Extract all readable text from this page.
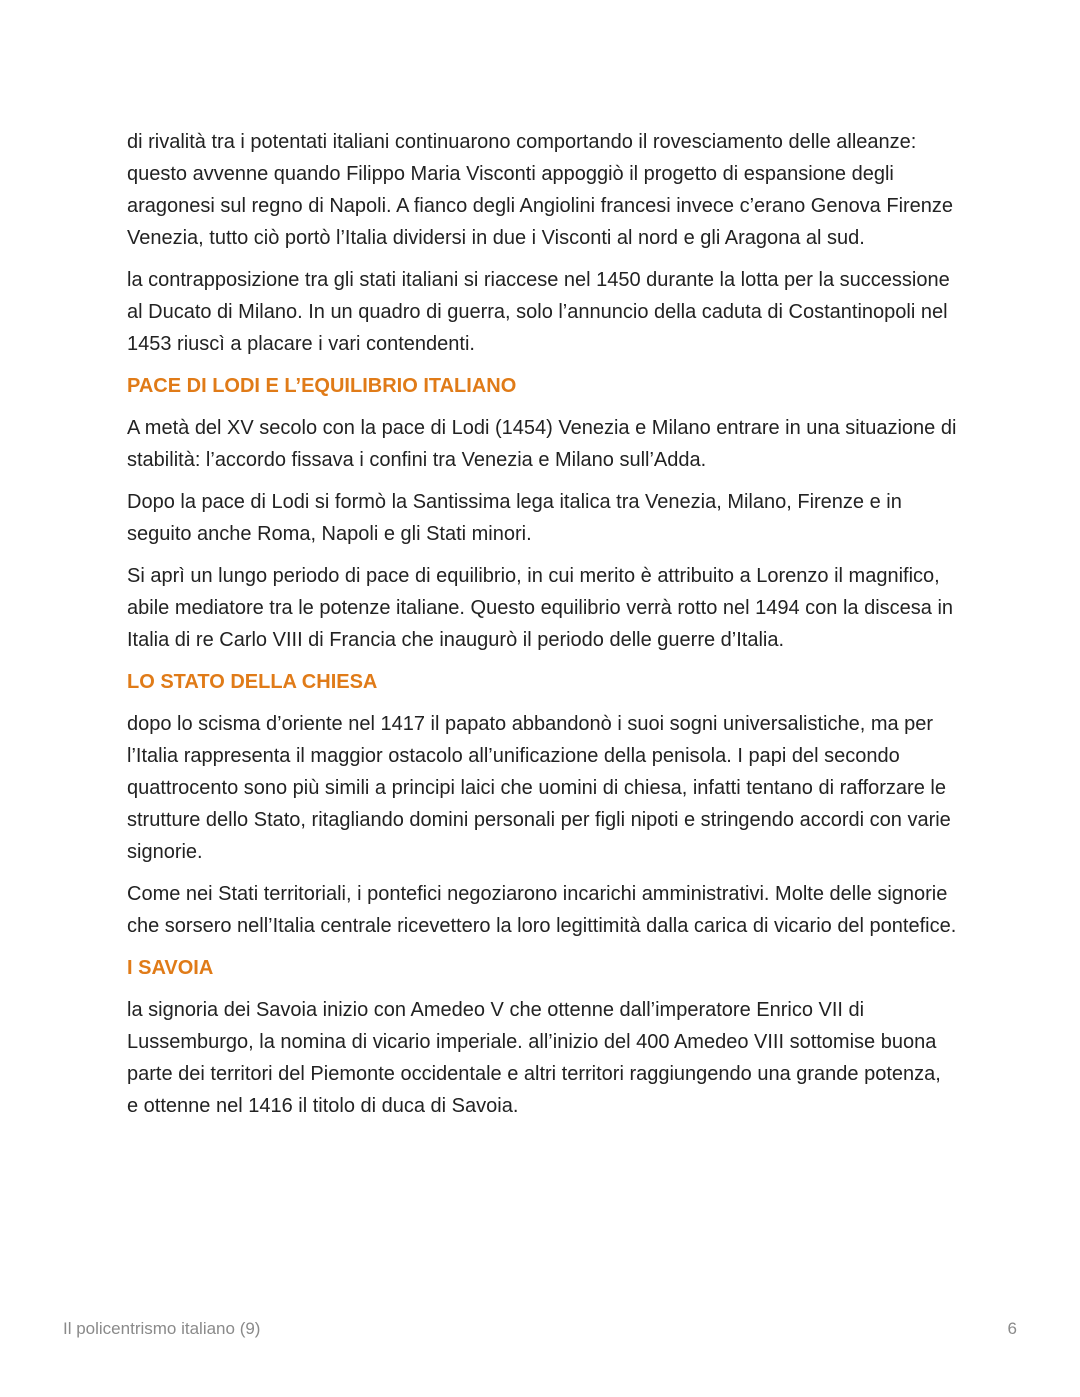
di rivalità tra i potentati italiani continuarono comportando il rovesciamento delle alleanze: questo avvenne quando Filippo Maria Visconti appoggiò il progetto di espansione degli aragonesi sul regno di Napoli. A fianco degli Angiolini francesi invece c’erano Genova Firenze Venezia, tutto ciò portò l’Italia dividersi in due i Visconti al nord e gli Aragona al sud.

la contrapposizione tra gli stati italiani si riaccese nel 1450 durante la lotta per la successione al Ducato di Milano. In un quadro di guerra, solo l’annuncio della caduta di Costantinopoli nel 1453 riuscì a placare i vari contendenti.

PACE DI LODI E L’EQUILIBRIO ITALIANO

A metà del XV secolo con la pace di Lodi (1454) Venezia e Milano entrare in una situazione di stabilità: l’accordo fissava i confini tra Venezia e Milano sull’Adda.

Dopo la pace di Lodi si formò la Santissima lega italica tra Venezia, Milano, Firenze e in seguito anche Roma, Napoli e gli Stati minori.

Si aprì un lungo periodo di pace di equilibrio, in cui merito è attribuito a Lorenzo il magnifico, abile mediatore tra le potenze italiane. Questo equilibrio verrà rotto nel 1494 con la discesa in Italia di re Carlo VIII di Francia che inaugurò il periodo delle guerre d’Italia.

LO STATO DELLA CHIESA

dopo lo scisma d’oriente nel 1417 il papato abbandonò i suoi sogni universalistiche, ma per l’Italia rappresenta il maggior ostacolo all’unificazione della penisola. I papi del secondo quattrocento sono più simili a principi laici che uomini di chiesa, infatti tentano di rafforzare le strutture dello Stato, ritagliando domini personali per figli nipoti e stringendo accordi con varie signorie.

Come nei Stati territoriali, i pontefici negoziarono incarichi amministrativi. Molte delle signorie che sorsero nell’Italia centrale ricevettero la loro legittimità dalla carica di vicario del pontefice.

I SAVOIA

la signoria dei Savoia inizio con Amedeo V che ottenne dall’imperatore Enrico VII di Lussemburgo, la nomina di vicario imperiale. all’inizio del 400 Amedeo VIII sottomise buona parte dei territori del Piemonte occidentale e altri territori raggiungendo una grande potenza, e ottenne nel 1416 il titolo di duca di Savoia.

Il policentrismo italiano (9)	6
